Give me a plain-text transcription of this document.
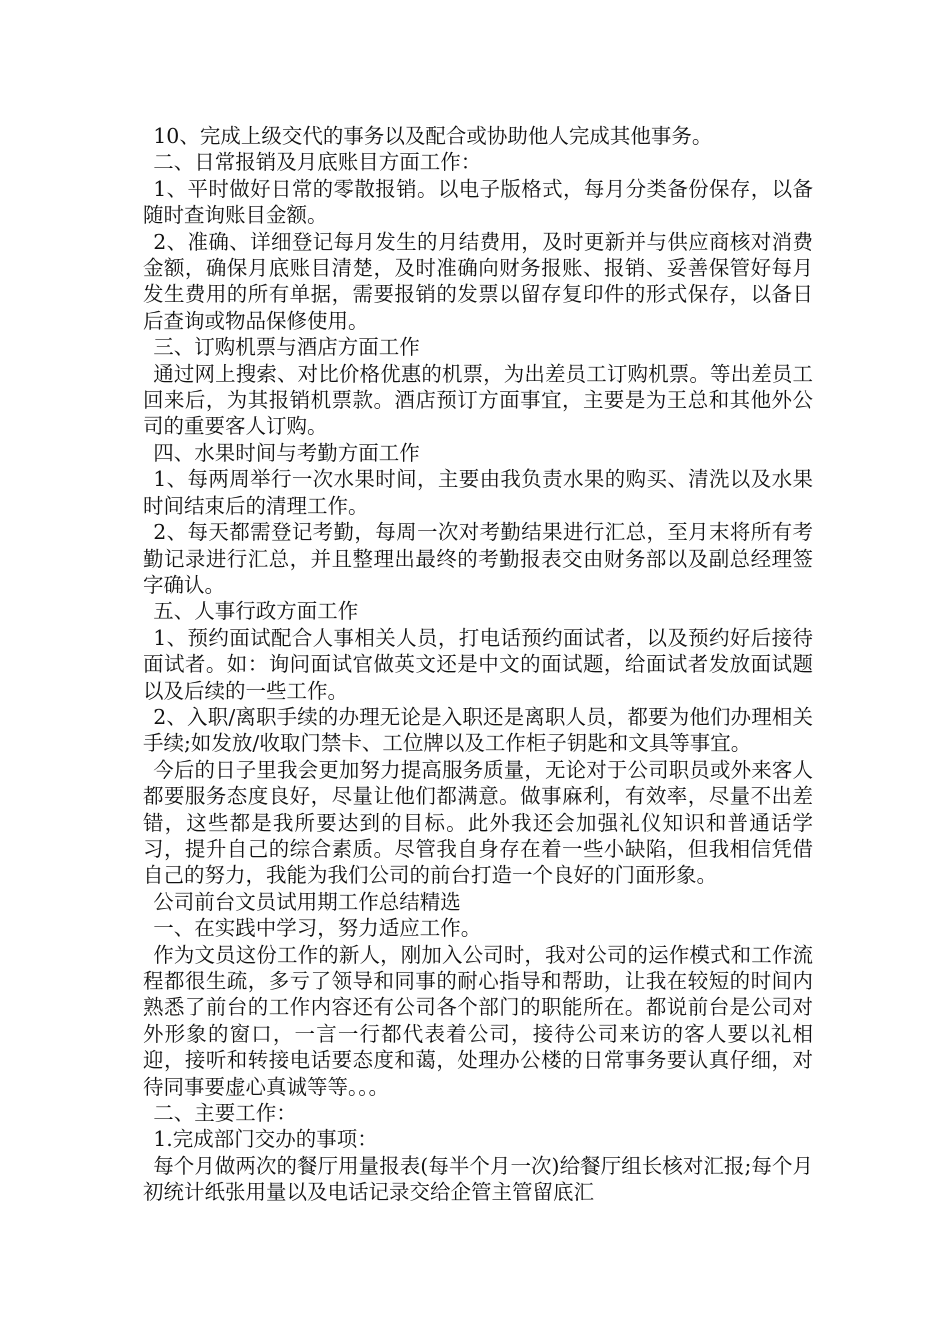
10、完成上级交代的事务以及配合或协助他人完成其他事务。

二、日常报销及月底账目方面工作：

1、平时做好日常的零散报销。以电子版格式，每月分类备份保存，以备随时查询账目金额。

2、准确、详细登记每月发生的月结费用，及时更新并与供应商核对消费金额，确保月底账目清楚，及时准确向财务报账、报销、妥善保管好每月发生费用的所有单据，需要报销的发票以留存复印件的形式保存，以备日后查询或物品保修使用。

三、订购机票与酒店方面工作

通过网上搜索、对比价格优惠的机票，为出差员工订购机票。等出差员工回来后，为其报销机票款。酒店预订方面事宜，主要是为王总和其他外公司的重要客人订购。

四、水果时间与考勤方面工作

1、每两周举行一次水果时间，主要由我负责水果的购买、清洗以及水果时间结束后的清理工作。

2、每天都需登记考勤，每周一次对考勤结果进行汇总，至月末将所有考勤记录进行汇总，并且整理出最终的考勤报表交由财务部以及副总经理签字确认。

五、人事行政方面工作

1、预约面试配合人事相关人员，打电话预约面试者，以及预约好后接待面试者。如：询问面试官做英文还是中文的面试题，给面试者发放面试题以及后续的一些工作。

2、入职/离职手续的办理无论是入职还是离职人员，都要为他们办理相关手续;如发放/收取门禁卡、工位牌以及工作柜子钥匙和文具等事宜。

今后的日子里我会更加努力提高服务质量，无论对于公司职员或外来客人都要服务态度良好，尽量让他们都满意。做事麻利，有效率，尽量不出差错，这些都是我所要达到的目标。此外我还会加强礼仪知识和普通话学习，提升自己的综合素质。尽管我自身存在着一些小缺陷，但我相信凭借自己的努力，我能为我们公司的前台打造一个良好的门面形象。

公司前台文员试用期工作总结精选

一、在实践中学习，努力适应工作。

作为文员这份工作的新人，刚加入公司时，我对公司的运作模式和工作流程都很生疏，多亏了领导和同事的耐心指导和帮助，让我在较短的时间内熟悉了前台的工作内容还有公司各个部门的职能所在。都说前台是公司对外形象的窗口，一言一行都代表着公司，接待公司来访的客人要以礼相迎，接听和转接电话要态度和蔼，处理办公楼的日常事务要认真仔细，对待同事要虚心真诚等等。。。

二、主要工作：

1.完成部门交办的事项：

每个月做两次的餐厅用量报表(每半个月一次)给餐厅组长核对汇报;每个月初统计纸张用量以及电话记录交给企管主管留底汇
